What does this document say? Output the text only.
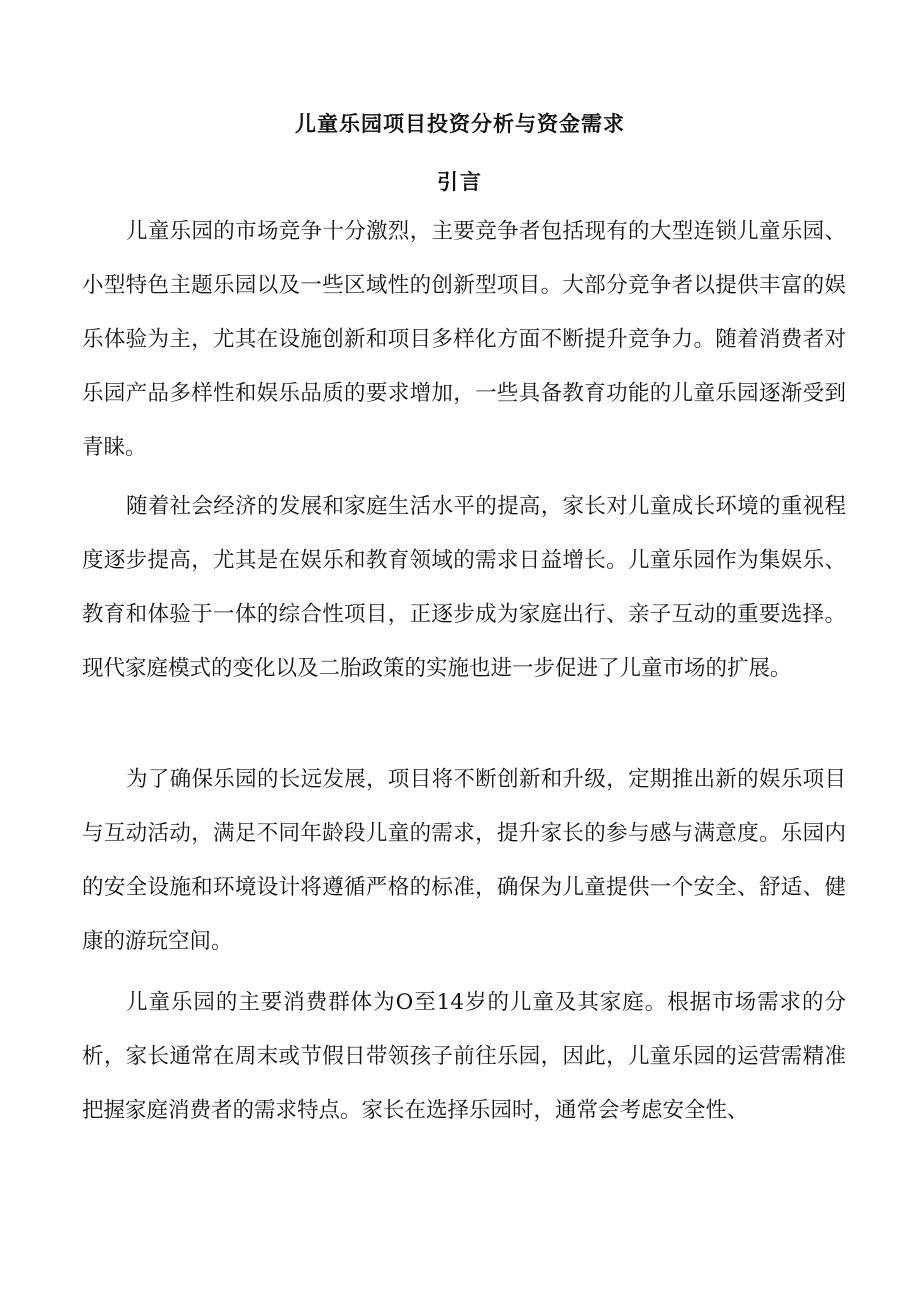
儿童乐园项目投资分析与资金需求
引言

儿童乐园的市场竞争十分激烈，主要竞争者包括现有的大型连锁儿童乐园、小型特色主题乐园以及一些区域性的创新型项目。大部分竞争者以提供丰富的娱乐体验为主，尤其在设施创新和项目多样化方面不断提升竞争力。随着消费者对乐园产品多样性和娱乐品质的要求增加，一些具备教育功能的儿童乐园逐渐受到青睐。

随着社会经济的发展和家庭生活水平的提高，家长对儿童成长环境的重视程度逐步提高，尤其是在娱乐和教育领域的需求日益增长。儿童乐园作为集娱乐、教育和体验于一体的综合性项目，正逐步成为家庭出行、亲子互动的重要选择。现代家庭模式的变化以及二胎政策的实施也进一步促进了儿童市场的扩展。

为了确保乐园的长远发展，项目将不断创新和升级，定期推出新的娱乐项目与互动活动，满足不同年龄段儿童的需求，提升家长的参与感与满意度。乐园内的安全设施和环境设计将遵循严格的标准，确保为儿童提供一个安全、舒适、健康的游玩空间。

儿童乐园的主要消费群体为O至14岁的儿童及其家庭。根据市场需求的分析，家长通常在周末或节假日带领孩子前往乐园，因此，儿童乐园的运营需精准把握家庭消费者的需求特点。家长在选择乐园时，通常会考虑安全性、
